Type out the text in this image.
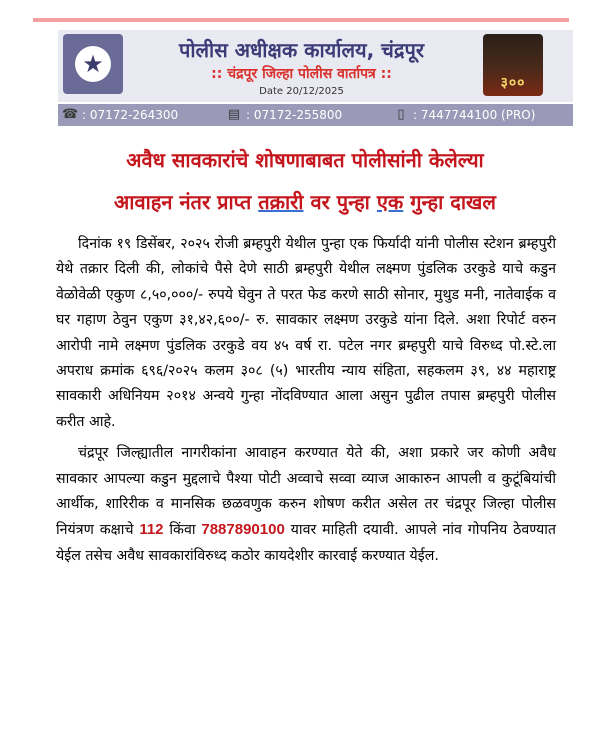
★	पोलीस अधीक्षक कार्यालय, चंद्रपूर
:: चंद्रपूर जिल्हा पोलीस वार्तापत्र ::
Date 20/12/2025
३००
☎ : 07172-264300	▤ : 07172-255800	▯ : 7447744100 (PRO)
अवैध सावकारांचे शोषणाबाबत पोलीसांनी केलेल्या
आवाहन नंतर प्राप्त तक्रारी वर पुन्हा एक गुन्हा दाखल

दिनांक १९ डिसेंबर, २०२५ रोजी ब्रम्हपुरी येथील पुन्हा एक फिर्यादी यांनी पोलीस स्टेशन ब्रम्हपुरी येथे तक्रार दिली की, लोकांचे पैसे देणे साठी ब्रम्हपुरी येथील लक्ष्मण पुंडलिक उरकुडे याचे कडुन वेळोवेळी एकुण ८,५०,०००/- रुपये घेवुन ते परत फेड करणे साठी सोनार, मुथुड मनी, नातेवाईक व घर गहाण ठेवुन एकुण ३१,४२,६००/- रु. सावकार लक्ष्मण उरकुडे यांना दिले. अशा रिपोर्ट वरुन आरोपी नामे लक्ष्मण पुंडलिक उरकुडे वय ४५ वर्ष रा. पटेल नगर ब्रम्हपुरी याचे विरुध्द पो.स्टे.ला अपराध क्रमांक ६९६/२०२५ कलम ३०८ (५) भारतीय न्याय संहिता, सहकलम ३९, ४४ महाराष्ट्र सावकारी अधिनियम २०१४ अन्वये गुन्हा नोंदविण्यात आला असुन पुढील तपास ब्रम्हपुरी पोलीस करीत आहे.

चंद्रपूर जिल्ह्यातील नागरीकांना आवाहन करण्यात येते की, अशा प्रकारे जर कोणी अवैध सावकार आपल्या कडुन मुद्दलाचे पैश्या पोटी अव्वाचे सव्वा व्याज आकारुन आपली व कुटूंबियांची आर्थीक, शारिरीक व मानसिक छळवणुक करुन शोषण करीत असेल तर चंद्रपूर जिल्हा पोलीस नियंत्रण कक्षाचे 112 किंवा 7887890100 यावर माहिती दयावी. आपले नांव गोपनिय ठेवण्यात येईल तसेच अवैध सावकारांविरुध्द कठोर कायदेशीर कारवाई करण्यात येईल.
